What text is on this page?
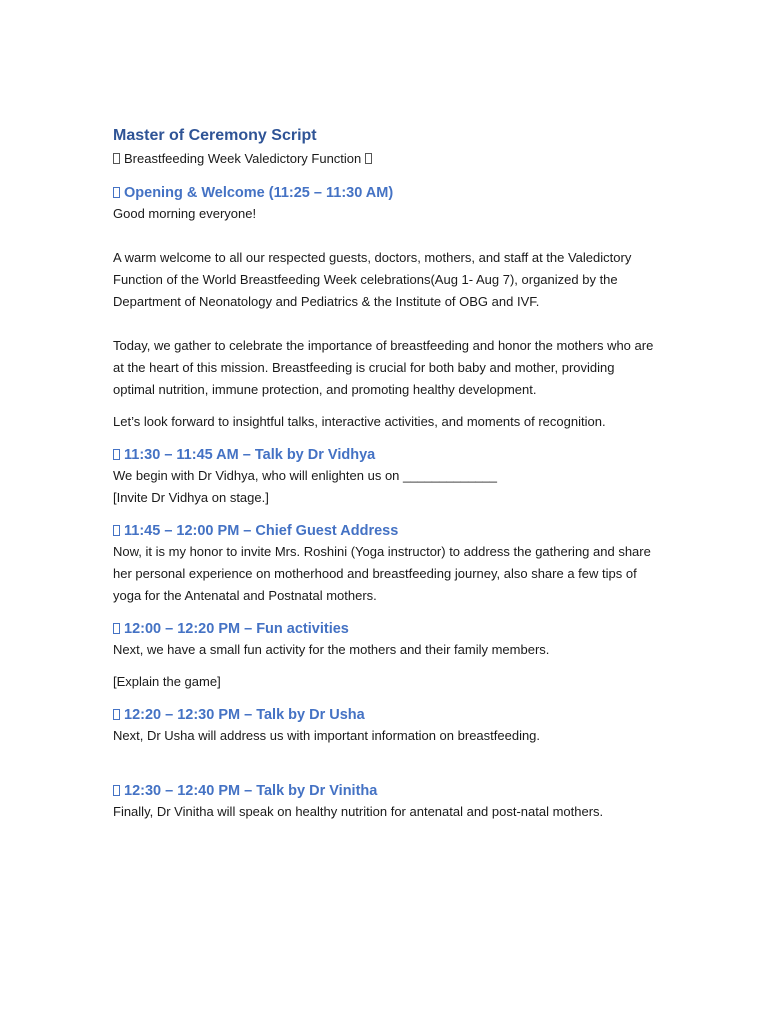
Master of Ceremony Script
Breastfeeding Week Valedictory Function
Opening & Welcome (11:25 – 11:30 AM)

Good morning everyone!

A warm welcome to all our respected guests, doctors, mothers, and staff at the Valedictory Function of the World Breastfeeding Week celebrations(Aug 1- Aug 7), organized by the Department of Neonatology and Pediatrics & the Institute of OBG and IVF.

Today, we gather to celebrate the importance of breastfeeding and honor the mothers who are at the heart of this mission. Breastfeeding is crucial for both baby and mother, providing optimal nutrition, immune protection, and promoting healthy development.

Let’s look forward to insightful talks, interactive activities, and moments of recognition.

11:30 – 11:45 AM – Talk by Dr Vidhya

We begin with Dr Vidhya, who will enlighten us on _____________

[Invite Dr Vidhya on stage.]

11:45 – 12:00 PM – Chief Guest Address

Now, it is my honor to invite Mrs. Roshini (Yoga instructor) to address the gathering and share her personal experience on motherhood and breastfeeding journey, also share a few tips of yoga for the Antenatal and Postnatal mothers.

12:00 – 12:20 PM – Fun activities

Next, we have a small fun activity for the mothers and their family members.

[Explain the game]

12:20 – 12:30 PM – Talk by Dr Usha

Next, Dr Usha will address us with important information on breastfeeding.

12:30 – 12:40 PM – Talk by Dr Vinitha

Finally, Dr Vinitha will speak on healthy nutrition for antenatal and post-natal mothers.
